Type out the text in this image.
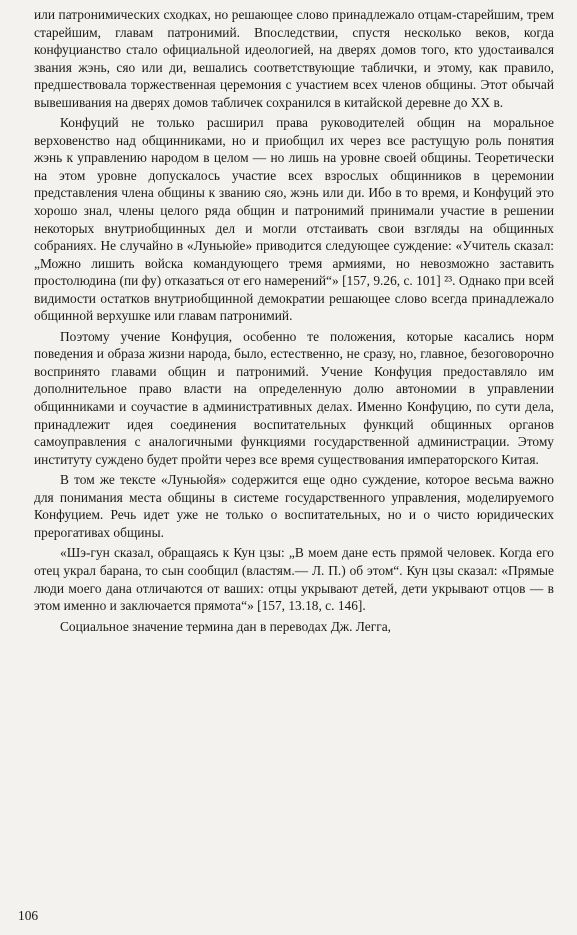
или патронимических сходках, но решающее слово принадлежало отцам-старейшим, трем старейшим, главам патронимий. Впоследствии, спустя несколько веков, когда конфуцианство стало официальной идеологией, на дверях домов того, кто удостаивался звания жэнь, сяо или ди, вешались соответствующие таблички, и этому, как правило, предшествовала торжественная церемония с участием всех членов общины. Этот обычай вывешивания на дверях домов табличек сохранился в китайской деревне до XX в.

Конфуций не только расширил права руководителей общин на моральное верховенство над общинниками, но и приобщил их через все растущую роль понятия жэнь к управлению народом в целом — но лишь на уровне своей общины. Теоретически на этом уровне допускалось участие всех взрослых общинников в церемонии представления члена общины к званию сяо, жэнь или ди. Ибо в то время, и Конфуций это хорошо знал, члены целого ряда общин и патронимий принимали участие в решении некоторых внутриобщинных дел и могли отстаивать свои взгляды на общинных собраниях. Не случайно в «Луньюйе» приводится следующее суждение: «Учитель сказал: „Можно лишить войска командующего тремя армиями, но невозможно заставить простолюдина (пи фу) отказаться от его намерений“» [157, 9.26, с. 101] ²³. Однако при всей видимости остатков внутриобщинной демократии решающее слово всегда принадлежало общинной верхушке или главам патронимий.

Поэтому учение Конфуция, особенно те положения, которые касались норм поведения и образа жизни народа, было, естественно, не сразу, но, главное, безоговорочно воспринято главами общин и патронимий. Учение Конфуция предоставляло им дополнительное право власти на определенную долю автономии в управлении общинниками и соучастие в административных делах. Именно Конфуцию, по сути дела, принадлежит идея соединения воспитательных функций общинных органов самоуправления с аналогичными функциями государственной администрации. Этому институту суждено будет пройти через все время существования императорского Китая.

В том же тексте «Луньюйя» содержится еще одно суждение, которое весьма важно для понимания места общины в системе государственного управления, моделируемого Конфуцием. Речь идет уже не только о воспитательных, но и о чисто юридических прерогативах общины.

«Шэ-гун сказал, обращаясь к Кун цзы: „В моем дане есть прямой человек. Когда его отец украл барана, то сын сообщил (властям.— Л. П.) об этом“. Кун цзы сказал: «Прямые люди моего дана отличаются от ваших: отцы укрывают детей, дети укрывают отцов — в этом именно и заключается прямота“» [157, 13.18, с. 146].

Социальное значение термина дан в переводах Дж. Легга,

106
